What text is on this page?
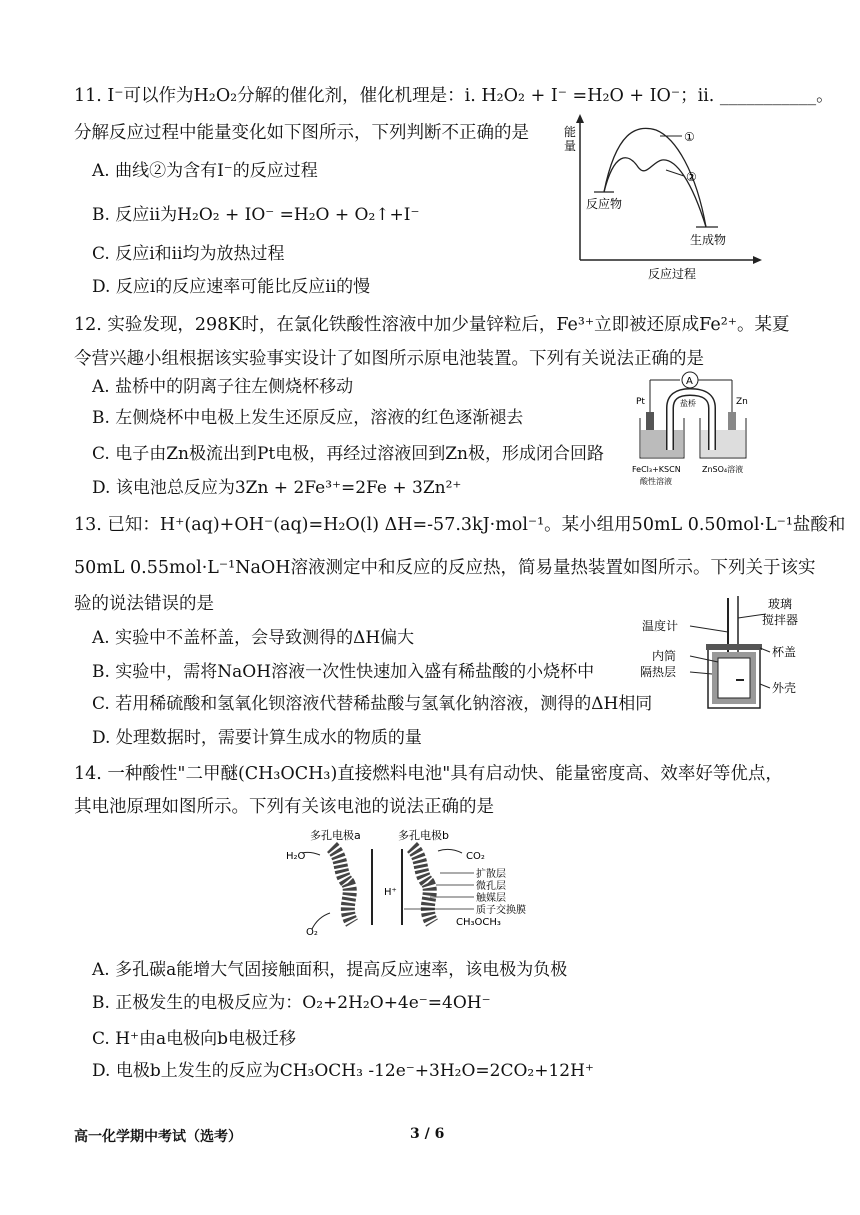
11. I⁻可以作为H₂O₂分解的催化剂，催化机理是：ⅰ. H₂O₂ + I⁻ =H₂O + IO⁻；ⅱ. ___________。
分解反应过程中能量变化如下图所示，下列判断不正确的是
A. 曲线②为含有I⁻的反应过程
B. 反应ⅱ为H₂O₂ + IO⁻ =H₂O + O₂↑+I⁻
C. 反应ⅰ和ⅱ均为放热过程
D. 反应ⅰ的反应速率可能比反应ⅱ的慢
能
量
①
②
反应物
生成物
反应过程
12. 实验发现，298K时，在氯化铁酸性溶液中加少量锌粒后，Fe³⁺立即被还原成Fe²⁺。某夏
令营兴趣小组根据该实验事实设计了如图所示原电池装置。下列有关说法正确的是
A. 盐桥中的阴离子往左侧烧杯移动
B. 左侧烧杯中电极上发生还原反应，溶液的红色逐渐褪去
C. 电子由Zn极流出到Pt电极，再经过溶液回到Zn极，形成闭合回路
D. 该电池总反应为3Zn + 2Fe³⁺=2Fe + 3Zn²⁺
A
Pt	Zn
盐桥
FeCl₃+KSCN
酸性溶液
ZnSO₄溶液
13. 已知：H⁺(aq)+OH⁻(aq)=H₂O(l) ΔH=-57.3kJ·mol⁻¹。某小组用50mL 0.50mol·L⁻¹盐酸和
50mL 0.55mol·L⁻¹NaOH溶液测定中和反应的反应热，简易量热装置如图所示。下列关于该实
验的说法错误的是
A. 实验中不盖杯盖，会导致测得的ΔH偏大
B. 实验中，需将NaOH溶液一次性快速加入盛有稀盐酸的小烧杯中
C. 若用稀硫酸和氢氧化钡溶液代替稀盐酸与氢氧化钠溶液，测得的ΔH相同
D. 处理数据时，需要计算生成水的物质的量
温度计
玻璃
搅拌器
杯盖
内筒
隔热层
外壳
14. 一种酸性"二甲醚(CH₃OCH₃)直接燃料电池"具有启动快、能量密度高、效率好等优点，
其电池原理如图所示。下列有关该电池的说法正确的是
多孔电极a	多孔电极b
H₂O	CO₂
H⁺
O₂
扩散层
微孔层
触媒层
质子交换膜
CH₃OCH₃
A. 多孔碳a能增大气固接触面积，提高反应速率，该电极为负极
B. 正极发生的电极反应为：O₂+2H₂O+4e⁻=4OH⁻
C. H⁺由a电极向b电极迁移
D. 电极b上发生的反应为CH₃OCH₃ -12e⁻+3H₂O=2CO₂+12H⁺
高一化学期中考试（选考）	3 / 6
